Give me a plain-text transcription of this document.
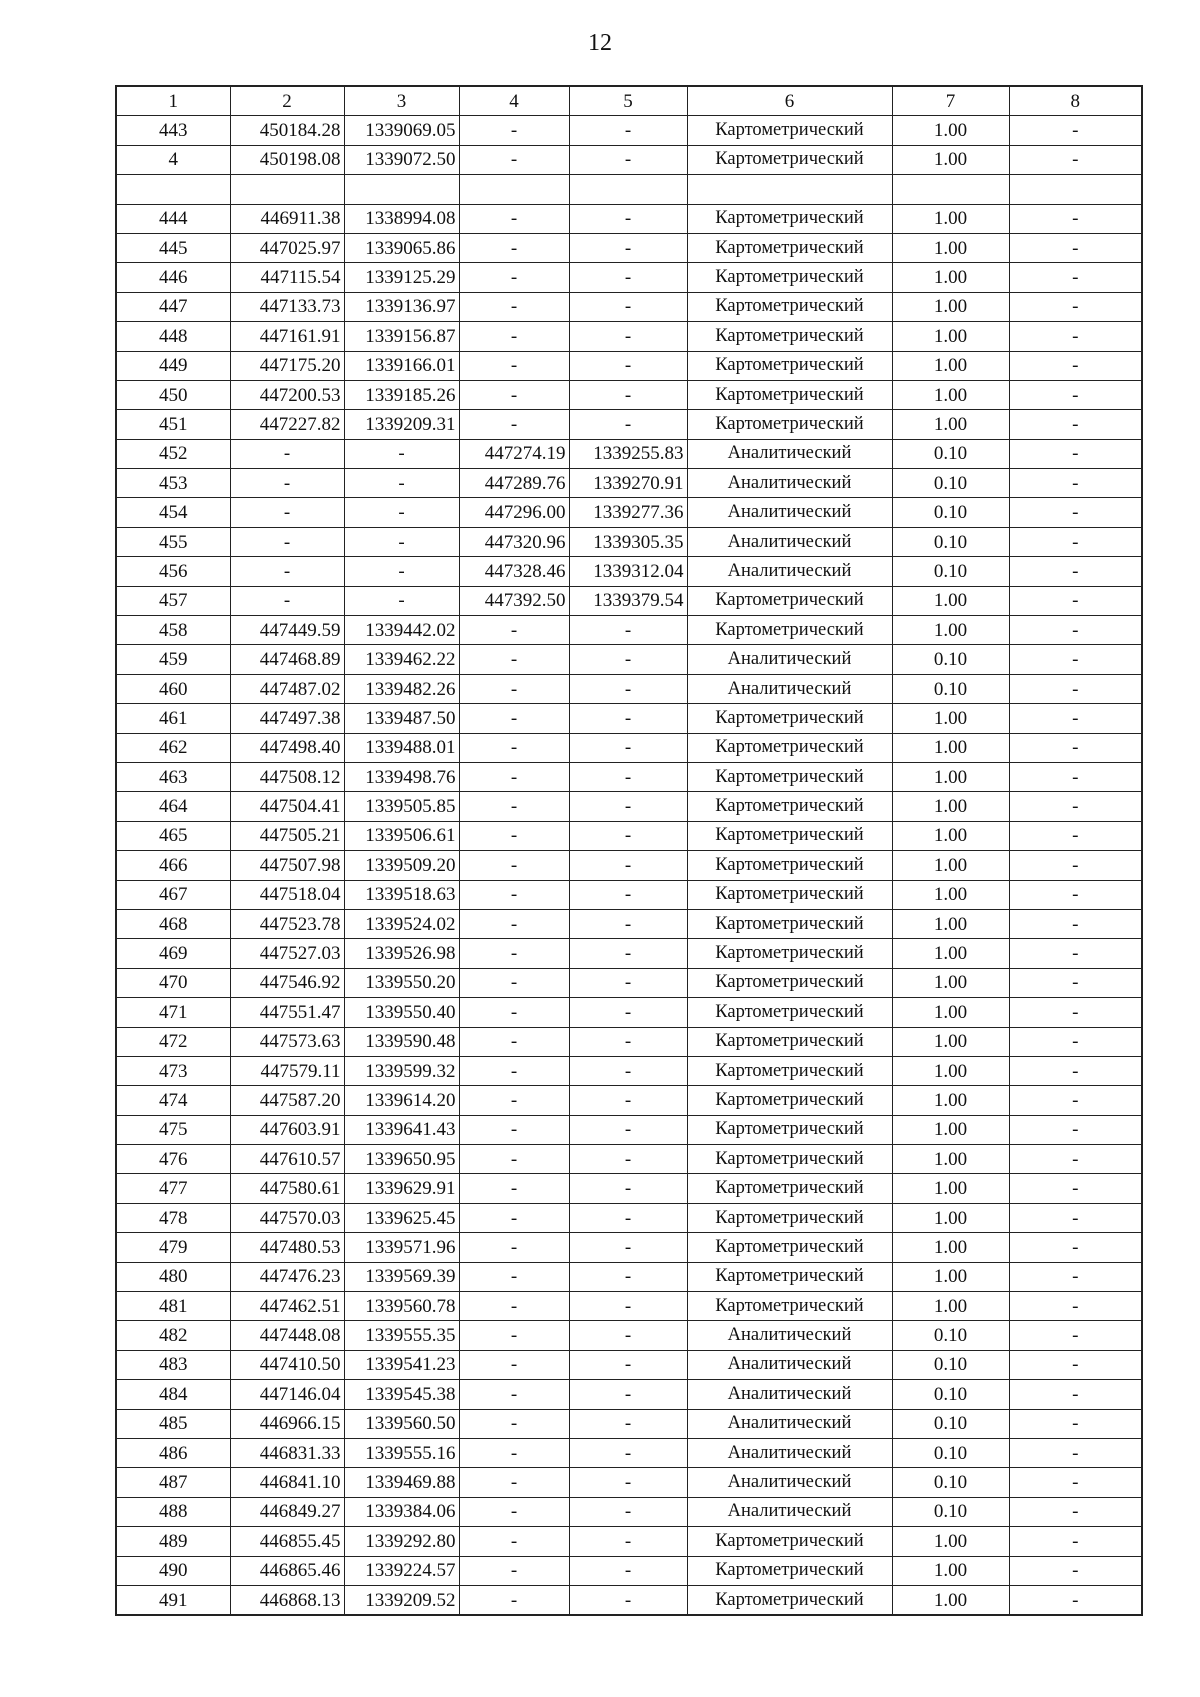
12
1	2	3	4	5	6	7	8
443	450184.28	1339069.05	-	-	Картометрический	1.00	-
4	450198.08	1339072.50	-	-	Картометрический	1.00	-

444	446911.38	1338994.08	-	-	Картометрический	1.00	-
445	447025.97	1339065.86	-	-	Картометрический	1.00	-
446	447115.54	1339125.29	-	-	Картометрический	1.00	-
447	447133.73	1339136.97	-	-	Картометрический	1.00	-
448	447161.91	1339156.87	-	-	Картометрический	1.00	-
449	447175.20	1339166.01	-	-	Картометрический	1.00	-
450	447200.53	1339185.26	-	-	Картометрический	1.00	-
451	447227.82	1339209.31	-	-	Картометрический	1.00	-
452	-	-	447274.19	1339255.83	Аналитический	0.10	-
453	-	-	447289.76	1339270.91	Аналитический	0.10	-
454	-	-	447296.00	1339277.36	Аналитический	0.10	-
455	-	-	447320.96	1339305.35	Аналитический	0.10	-
456	-	-	447328.46	1339312.04	Аналитический	0.10	-
457	-	-	447392.50	1339379.54	Картометрический	1.00	-
458	447449.59	1339442.02	-	-	Картометрический	1.00	-
459	447468.89	1339462.22	-	-	Аналитический	0.10	-
460	447487.02	1339482.26	-	-	Аналитический	0.10	-
461	447497.38	1339487.50	-	-	Картометрический	1.00	-
462	447498.40	1339488.01	-	-	Картометрический	1.00	-
463	447508.12	1339498.76	-	-	Картометрический	1.00	-
464	447504.41	1339505.85	-	-	Картометрический	1.00	-
465	447505.21	1339506.61	-	-	Картометрический	1.00	-
466	447507.98	1339509.20	-	-	Картометрический	1.00	-
467	447518.04	1339518.63	-	-	Картометрический	1.00	-
468	447523.78	1339524.02	-	-	Картометрический	1.00	-
469	447527.03	1339526.98	-	-	Картометрический	1.00	-
470	447546.92	1339550.20	-	-	Картометрический	1.00	-
471	447551.47	1339550.40	-	-	Картометрический	1.00	-
472	447573.63	1339590.48	-	-	Картометрический	1.00	-
473	447579.11	1339599.32	-	-	Картометрический	1.00	-
474	447587.20	1339614.20	-	-	Картометрический	1.00	-
475	447603.91	1339641.43	-	-	Картометрический	1.00	-
476	447610.57	1339650.95	-	-	Картометрический	1.00	-
477	447580.61	1339629.91	-	-	Картометрический	1.00	-
478	447570.03	1339625.45	-	-	Картометрический	1.00	-
479	447480.53	1339571.96	-	-	Картометрический	1.00	-
480	447476.23	1339569.39	-	-	Картометрический	1.00	-
481	447462.51	1339560.78	-	-	Картометрический	1.00	-
482	447448.08	1339555.35	-	-	Аналитический	0.10	-
483	447410.50	1339541.23	-	-	Аналитический	0.10	-
484	447146.04	1339545.38	-	-	Аналитический	0.10	-
485	446966.15	1339560.50	-	-	Аналитический	0.10	-
486	446831.33	1339555.16	-	-	Аналитический	0.10	-
487	446841.10	1339469.88	-	-	Аналитический	0.10	-
488	446849.27	1339384.06	-	-	Аналитический	0.10	-
489	446855.45	1339292.80	-	-	Картометрический	1.00	-
490	446865.46	1339224.57	-	-	Картометрический	1.00	-
491	446868.13	1339209.52	-	-	Картометрический	1.00	-
